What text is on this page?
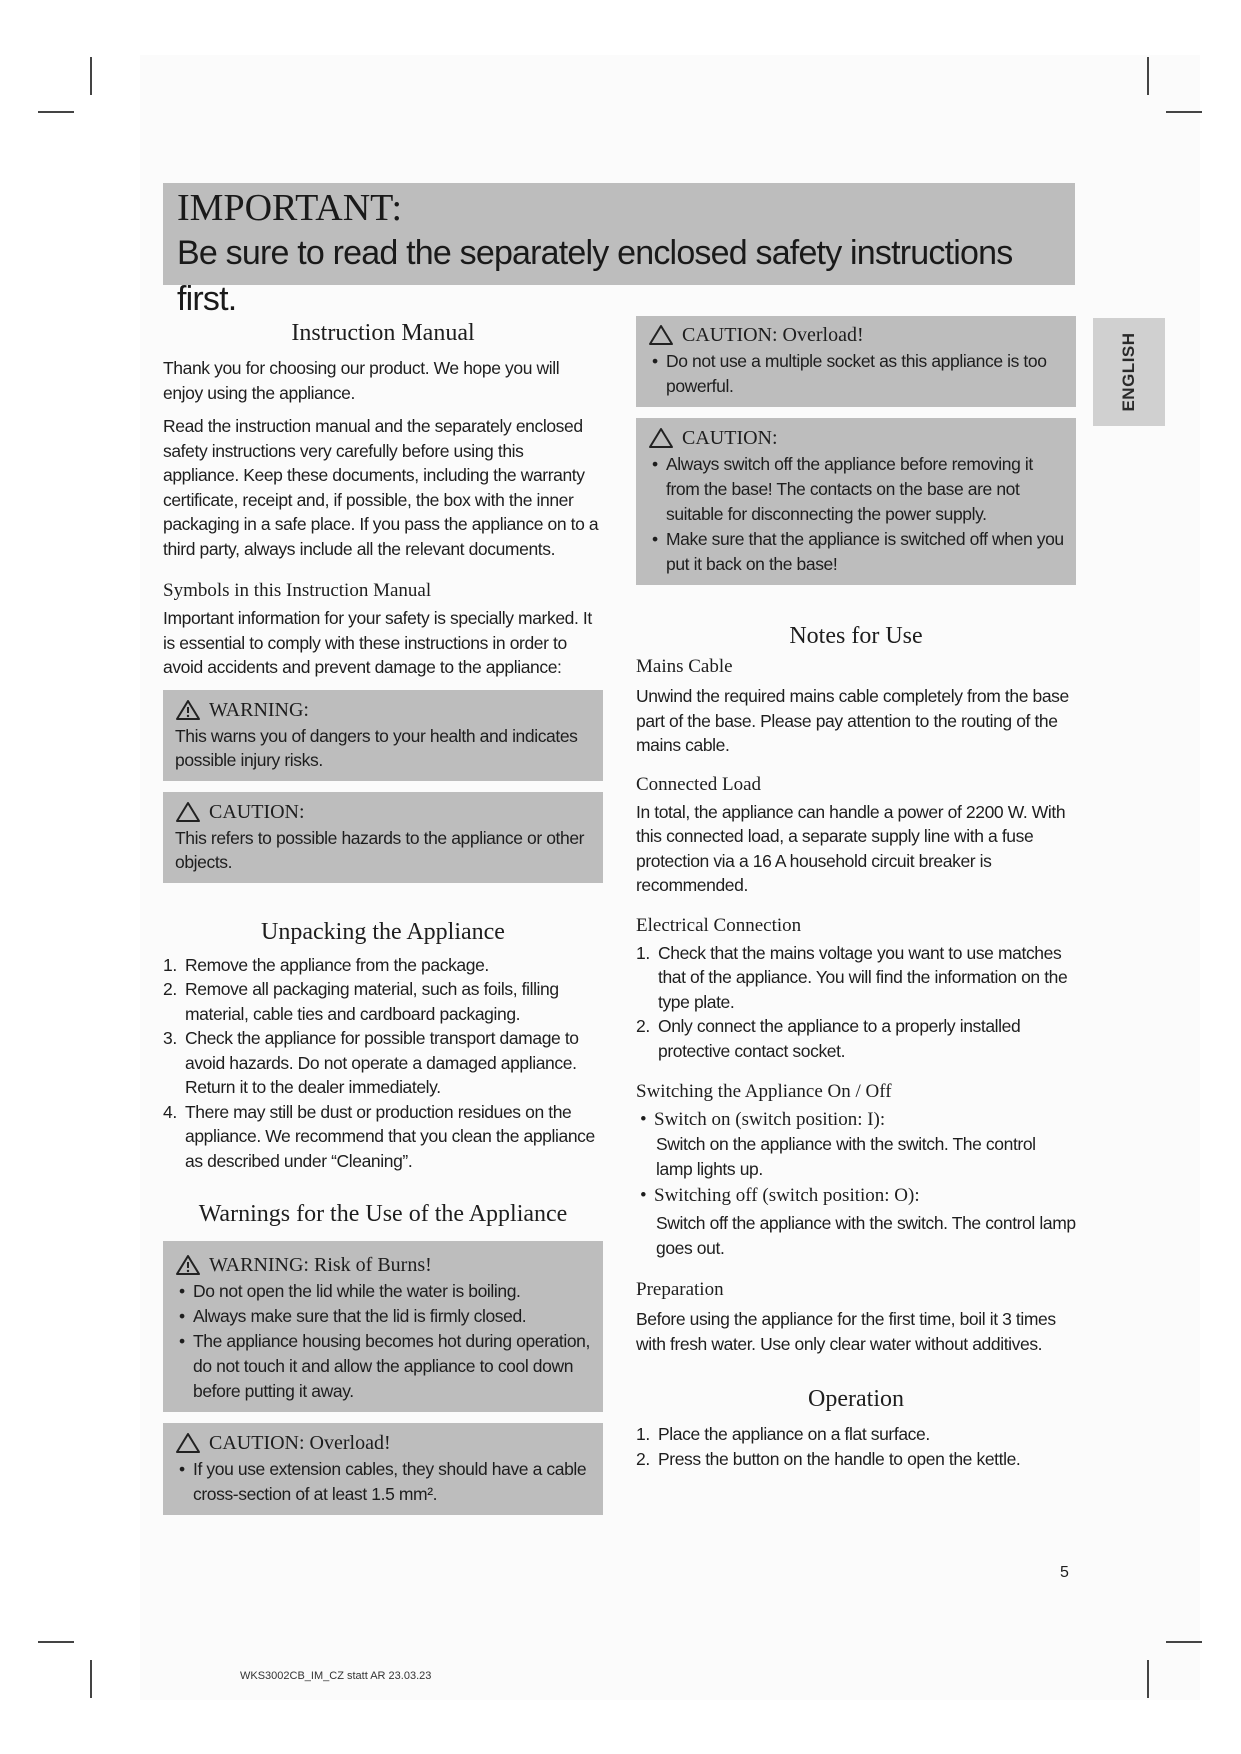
IMPORTANT:
Be sure to read the separately enclosed safety instructions first.
ENGLISH
Instruction Manual

Thank you for choosing our product. We hope you will enjoy using the appliance.

Read the instruction manual and the separately enclosed safety instructions very carefully before using this appliance. Keep these documents, including the warranty certificate, receipt and, if possible, the box with the inner packaging in a safe place. If you pass the appliance on to a third party, always include all the relevant documents.

Symbols in this Instruction Manual

Important information for your safety is specially marked. It is essential to comply with these instructions in order to avoid accidents and prevent damage to the appliance:

WARNING:

This warns you of dangers to your health and indicates possible injury risks.

CAUTION:

This refers to possible hazards to the appliance or other objects.

Unpacking the Appliance
1. Remove the appliance from the package.
2. Remove all packaging material, such as foils, filling material, cable ties and cardboard packaging.
3. Check the appliance for possible transport damage to avoid hazards. Do not operate a damaged appliance. Return it to the dealer immediately.
4. There may still be dust or production residues on the appliance. We recommend that you clean the appliance as described under “Cleaning”.
Warnings for the Use of the Appliance
WARNING: Risk of Burns!
• Do not open the lid while the water is boiling.
• Always make sure that the lid is firmly closed.
• The appliance housing becomes hot during operation, do not touch it and allow the appliance to cool down before putting it away.
CAUTION: Overload!
• If you use extension cables, they should have a cable cross-section of at least 1.5 mm².
CAUTION: Overload!
• Do not use a multiple socket as this appliance is too powerful.
CAUTION:
• Always switch off the appliance before removing it from the base! The contacts on the base are not suitable for disconnecting the power supply.
• Make sure that the appliance is switched off when you put it back on the base!
Notes for Use
Mains Cable

Unwind the required mains cable completely from the base part of the base. Please pay attention to the routing of the mains cable.

Connected Load

In total, the appliance can handle a power of 2200 W. With this connected load, a separate supply line with a fuse protection via a 16 A household circuit breaker is recommended.

Electrical Connection
1. Check that the mains voltage you want to use matches that of the appliance. You will find the information on the type plate.
2. Only connect the appliance to a properly installed protective contact socket.
Switching the Appliance On / Off
• Switch on (switch position: I):

Switch on the appliance with the switch. The control lamp lights up.

• Switching off (switch position: O):

Switch off the appliance with the switch. The control lamp goes out.

Preparation

Before using the appliance for the first time, boil it 3 times with fresh water. Use only clear water without additives.

Operation
1. Place the appliance on a flat surface.
2. Press the button on the handle to open the kettle.
5
WKS3002CB_IM_CZ statt AR 23.03.23
